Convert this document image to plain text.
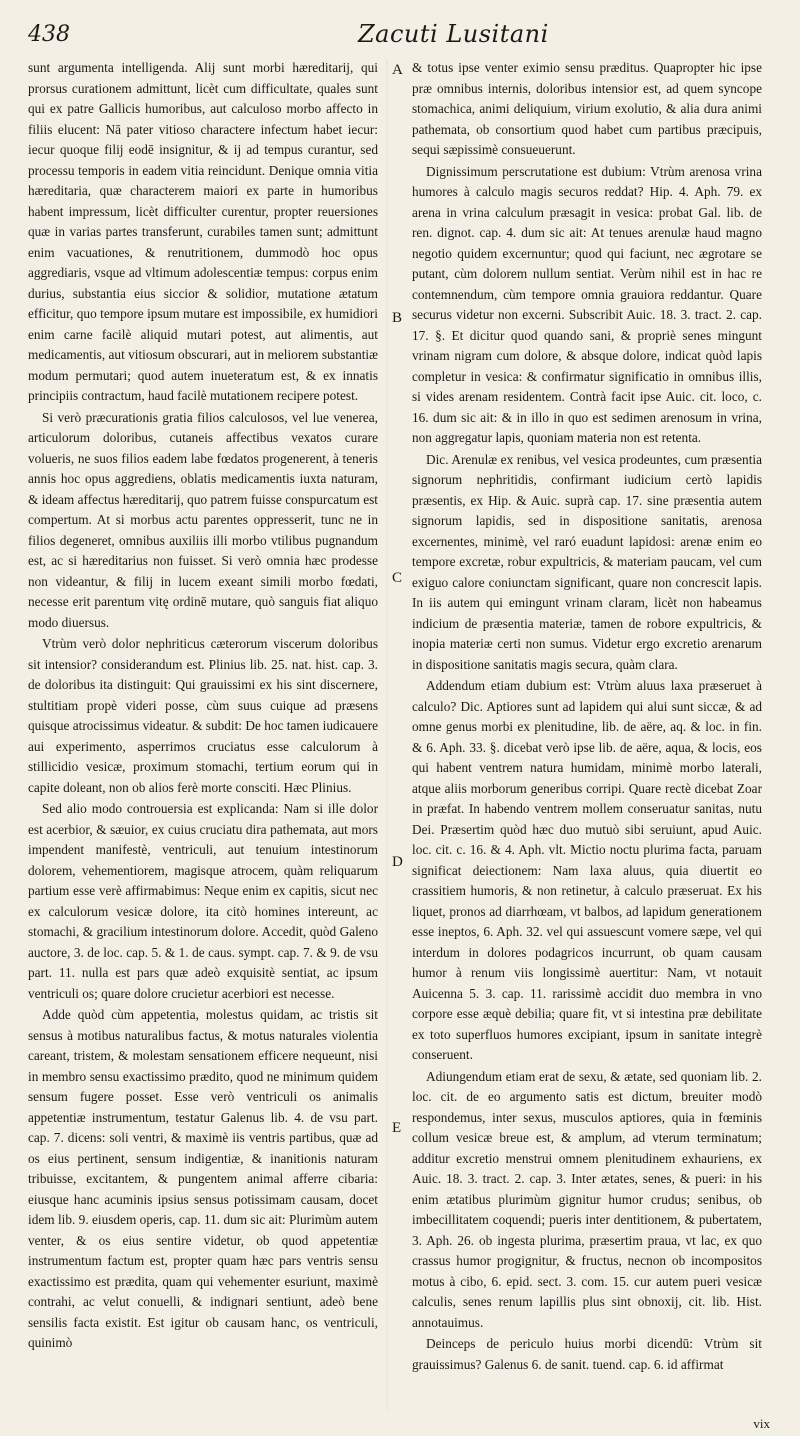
438	Zacuti Lusitani

sunt argumenta intelligenda. Alij sunt morbi hæreditarij, qui prorsus curationem admittunt, licèt cum difficultate, quales sunt qui ex patre Gallicis humoribus, aut calculoso morbo affecto in filiis elucent: Nā pater vitioso charactere infectum habet iecur: iecur quoque filij eodē insignitur, & ij ad tempus curantur, sed processu temporis in eadem vitia reincidunt. Denique omnia vitia hæreditaria, quæ characterem maiori ex parte in humoribus habent impressum, licèt difficulter curentur, propter reuersiones quæ in varias partes transferunt, curabiles tamen sunt; admittunt enim vacuationes, & renutritionem, dummodò hoc opus aggrediaris, vsque ad vltimum adolescentiæ tempus: corpus enim durius, substantia eius siccior & solidior, mutatione ætatum efficitur, quo tempore ipsum mutare est impossibile, ex humidiori enim carne facilè aliquid mutari potest, aut alimentis, aut medicamentis, aut vitiosum obscurari, aut in meliorem substantiæ modum permutari; quod autem inueteratum est, & ex innatis principiis contractum, haud facilè mutationem recipere potest.

Si verò præcurationis gratia filios calculosos, vel lue venerea, articulorum doloribus, cutaneis affectibus vexatos curare volueris, ne suos filios eadem labe fœdatos progenerent, à teneris annis hoc opus aggrediens, oblatis medicamentis iuxta naturam, & ideam affectus hæreditarij, quo patrem fuisse conspurcatum est compertum. At si morbus actu parentes oppresserit, tunc ne in filios degeneret, omnibus auxiliis illi morbo vtilibus pugnandum est, ac si hæreditarius non fuisset. Si verò omnia hæc prodesse non videantur, & filij in lucem exeant simili morbo fœdati, necesse erit parentum vitę ordinē mutare, quò sanguis fiat aliquo modo diuersus.

Vtrùm verò dolor nephriticus cæterorum viscerum doloribus sit intensior? considerandum est. Plinius lib. 25. nat. hist. cap. 3. de doloribus ita distinguit: Qui grauissimi ex his sint discernere, stultitiam propè videri posse, cùm suus cuique ad præsens quisque atrocissimus videatur. & subdit: De hoc tamen iudicauere aui experimento, asperrimos cruciatus esse calculorum à stillicidio vesicæ, proximum stomachi, tertium eorum qui in capite doleant, non ob alios ferè morte consciti. Hæc Plinius.

Sed alio modo controuersia est explicanda: Nam si ille dolor est acerbior, & sæuior, ex cuius cruciatu dira pathemata, aut mors impendent manifestè, ventriculi, aut tenuium intestinorum dolorem, vehementiorem, magisque atrocem, quàm reliquarum partium esse verè affirmabimus: Neque enim ex capitis, sicut nec ex calculorum vesicæ dolore, ita citò homines intereunt, ac stomachi, & gracilium intestinorum dolore. Accedit, quòd Galeno auctore, 3. de loc. cap. 5. & 1. de caus. sympt. cap. 7. & 9. de vsu part. 11. nulla est pars quæ adeò exquisitè sentiat, ac ipsum ventriculi os; quare dolore crucietur acerbiori est necesse.

Adde quòd cùm appetentia, molestus quidam, ac tristis sit sensus à motibus naturalibus factus, & motus naturales violentia careant, tristem, & molestam sensationem efficere nequeunt, nisi in membro sensu exactissimo prædito, quod ne minimum quidem sensum fugere posset. Esse verò ventriculi os animalis appetentiæ instrumentum, testatur Galenus lib. 4. de vsu part. cap. 7. dicens: soli ventri, & maximè iis ventris partibus, quæ ad os eius pertinent, sensum indigentiæ, & inanitionis naturam tribuisse, excitantem, & pungentem animal afferre cibaria: eiusque hanc acuminis ipsius sensus potissimam causam, docet idem lib. 9. eiusdem operis, cap. 11. dum sic ait: Plurimùm autem venter, & os eius sentire videtur, ob quod appetentiæ instrumentum factum est, propter quam hæc pars ventris sensu exactissimo est prædita, quam qui vehementer esuriunt, maximè contrahi, ac velut conuelli, & indignari sentiunt, adeò bene sensilis facta existit. Est igitur ob causam hanc, os ventriculi, quinimò

A
B
C
D
E

& totus ipse venter eximio sensu præditus. Quapropter hic ipse præ omnibus internis, doloribus intensior est, ad quem syncope stomachica, animi deliquium, virium exolutio, & alia dura animi pathemata, ob consortium quod habet cum partibus præcipuis, sequi sæpissimè consueuerunt.

Dignissimum perscrutatione est dubium: Vtrùm arenosa vrina humores à calculo magis securos reddat? Hip. 4. Aph. 79. ex arena in vrina calculum præsagit in vesica: probat Gal. lib. de ren. dignot. cap. 4. dum sic ait: At tenues arenulæ haud magno negotio quidem excernuntur; quod qui faciunt, nec ægrotare se putant, cùm dolorem nullum sentiat. Verùm nihil est in hac re contemnendum, cùm tempore omnia grauiora reddantur. Quare securus videtur non excerni. Subscribit Auic. 18. 3. tract. 2. cap. 17. §. Et dicitur quod quando sani, & propriè senes mingunt vrinam nigram cum dolore, & absque dolore, indicat quòd lapis completur in vesica: & confirmatur significatio in omnibus illis, si vides arenam residentem. Contrà facit ipse Auic. cit. loco, c. 16. dum sic ait: & in illo in quo est sedimen arenosum in vrina, non aggregatur lapis, quoniam materia non est retenta.

Dic. Arenulæ ex renibus, vel vesica prodeuntes, cum præsentia signorum nephritidis, confirmant iudicium certò lapidis præsentis, ex Hip. & Auic. suprà cap. 17. sine præsentia autem signorum lapidis, sed in dispositione sanitatis, arenosa excernentes, minimè, vel raró euadunt lapidosi: arenæ enim eo tempore excretæ, robur expultricis, & materiam paucam, vel cum exiguo calore coniunctam significant, quare non concrescit lapis. In iis autem qui emingunt vrinam claram, licèt non habeamus indicium de præsentia materiæ, tamen de robore expultricis, & inopia materiæ certi non sumus. Videtur ergo excretio arenarum in dispositione sanitatis magis secura, quàm clara.

Addendum etiam dubium est: Vtrùm aluus laxa præseruet à calculo? Dic. Aptiores sunt ad lapidem qui alui sunt siccæ, & ad omne genus morbi ex plenitudine, lib. de aëre, aq. & loc. in fin. & 6. Aph. 33. §. dicebat verò ipse lib. de aëre, aqua, & locis, eos qui habent ventrem natura humidam, minimè morbo laterali, atque aliis morborum generibus corripi. Quare rectè dicebat Zoar in præfat. In habendo ventrem mollem conseruatur sanitas, nutu Dei. Præsertim quòd hæc duo mutuò sibi seruiunt, apud Auic. loc. cit. c. 16. & 4. Aph. vlt. Mictio noctu plurima facta, paruam significat deiectionem: Nam laxa aluus, quia diuertit eo crassitiem humoris, & non retinetur, à calculo præseruat. Ex his liquet, pronos ad diarrhœam, vt balbos, ad lapidum generationem esse ineptos, 6. Aph. 32. vel qui assuescunt vomere sæpe, vel qui interdum in dolores podagricos incurrunt, ob quam causam humor à renum viis longissimè auertitur: Nam, vt notauit Auicenna 5. 3. cap. 11. rarissimè accidit duo membra in vno corpore esse æquè debilia; quare fit, vt si intestina præ debilitate ex toto superfluos humores excipiant, ipsum in sanitate integrè conseruent.

Adiungendum etiam erat de sexu, & ætate, sed quoniam lib. 2. loc. cit. de eo argumento satis est dictum, breuiter modò respondemus, inter sexus, musculos aptiores, quia in fœminis collum vesicæ breue est, & amplum, ad vterum terminatum; additur excretio menstrui omnem plenitudinem exhauriens, ex Auic. 18. 3. tract. 2. cap. 3. Inter ætates, senes, & pueri: in his enim ætatibus plurimùm gignitur humor crudus; senibus, ob imbecillitatem coquendi; pueris inter dentitionem, & pubertatem, 3. Aph. 26. ob ingesta plurima, præsertim praua, vt lac, ex quo crassus humor progignitur, & fructus, necnon ob incompositos motus à cibo, 6. epid. sect. 3. com. 15. cur autem pueri vesicæ calculis, senes renum lapillis plus sint obnoxij, cit. lib. Hist. annotauimus.

Deinceps de periculo huius morbi dicendū: Vtrùm sit grauissimus? Galenus 6. de sanit. tuend. cap. 6. id affirmat

vix
